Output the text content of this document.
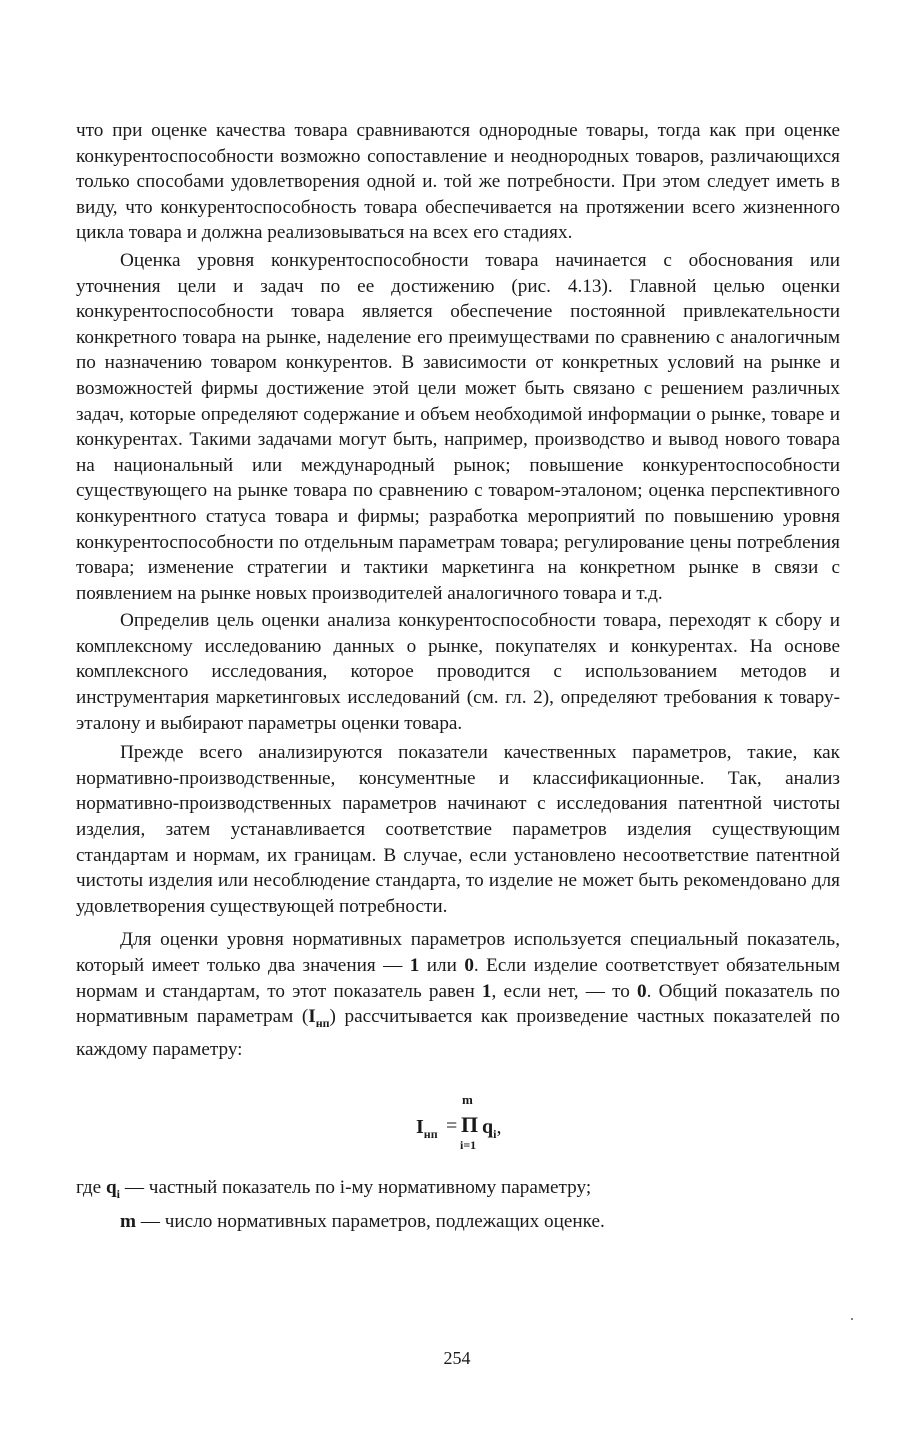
что при оценке качества товара сравниваются однородные товары, тогда как при оценке конкурентоспособности возможно сопоставление и неоднородных товаров, различающихся только способами удовлетворения одной и. той же потребности. При этом следует иметь в виду, что конкурентоспособность товара обеспечивается на протяжении всего жизненного цикла товара и должна реализовываться на всех его стадиях.

Оценка уровня конкурентоспособности товара начинается с обоснования или уточнения цели и задач по ее достижению (рис. 4.13). Главной целью оценки конкурентоспособности товара является обеспечение постоянной привлекательности конкретного товара на рынке, наделение его преимуществами по сравнению с аналогичным по назначению товаром конкурентов. В зависимости от конкретных условий на рынке и возможностей фирмы достижение этой цели может быть связано с решением различных задач, которые определяют содержание и объем необходимой информации о рынке, товаре и конкурентах. Такими задачами могут быть, например, производство и вывод нового товара на национальный или международный рынок; повышение конкурентоспособности существующего на рынке товара по сравнению с товаром-эталоном; оценка перспективного конкурентного статуса товара и фирмы; разработка мероприятий по повышению уровня конкурентоспособности по отдельным параметрам товара; регулирование цены потребления товара; изменение стратегии и тактики маркетинга на конкретном рынке в связи с появлением на рынке новых производителей аналогичного товара и т.д.

Определив цель оценки анализа конкурентоспособности товара, переходят к сбору и комплексному исследованию данных о рынке, покупателях и конкурентах. На основе комплексного исследования, которое проводится с использованием методов и инструментария маркетинговых исследований (см. гл. 2), определяют требования к товару-эталону и выбирают параметры оценки товара.

Прежде всего анализируются показатели качественных параметров, такие, как нормативно-производственные, консументные и классификационные. Так, анализ нормативно-производственных параметров начинают с исследования патентной чистоты изделия, затем устанавливается соответствие параметров изделия существующим стандартам и нормам, их границам. В случае, если установлено несоответствие патентной чистоты изделия или несоблюдение стандарта, то изделие не может быть рекомендовано для удовлетворения существующей потребности.

Для оценки уровня нормативных параметров используется специальный показатель, который имеет только два значения — 1 или 0. Если изделие соответствует обязательным нормам и стандартам, то этот показатель равен 1, если нет, — то 0. Общий показатель по нормативным параметрам $(I_{нп})$ рассчитывается как произведение частных показателей по каждому параметру:

$I_{нп}$ =
m
Π
i=1
$q_i$,
где $q_i$ — частный показатель по i-му нормативному параметру;
m — число нормативных параметров, подлежащих оценке.
254
